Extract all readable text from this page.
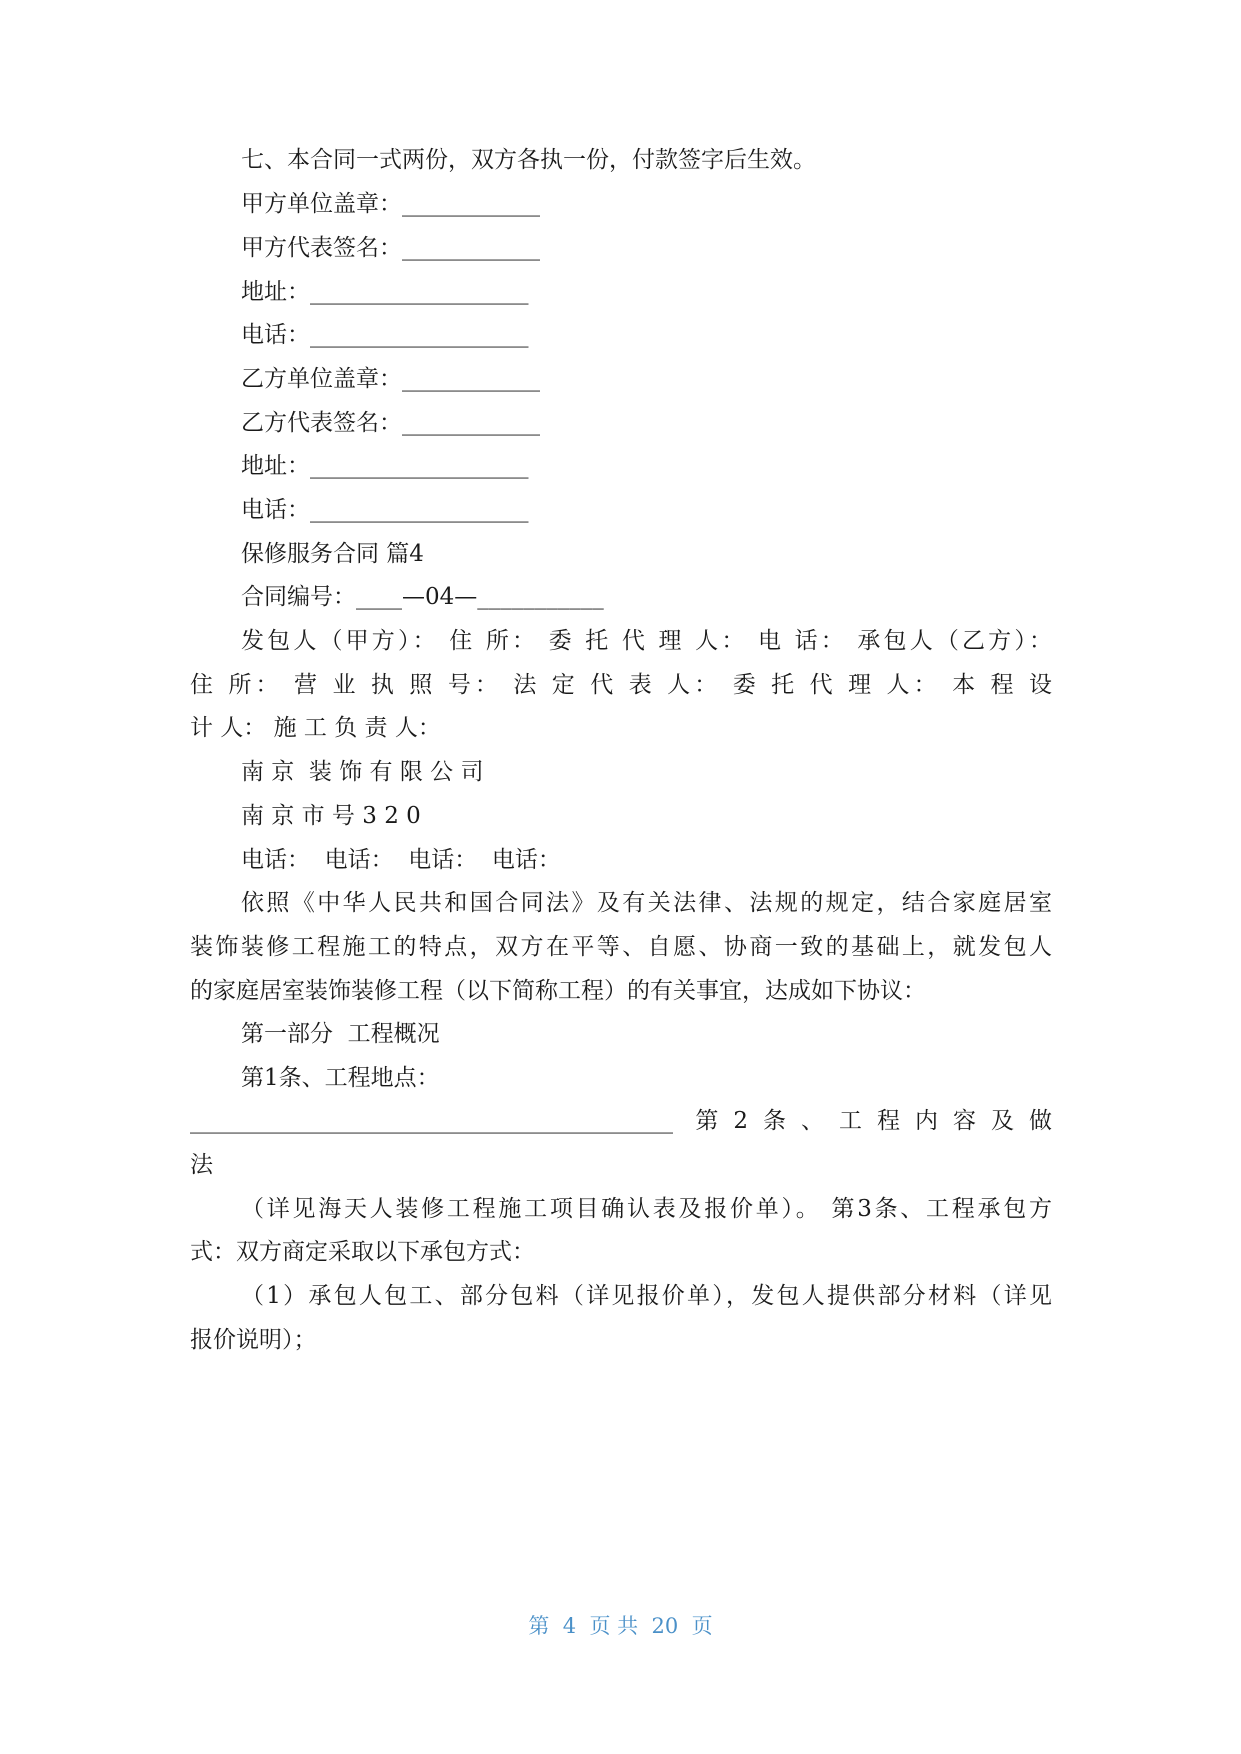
七、本合同一式两份，双方各执一份，付款签字后生效。
甲方单位盖章：____________
甲方代表签名：____________
地址：___________________
电话：___________________
乙方单位盖章：____________
乙方代表签名：____________
地址：___________________
电话：___________________
保修服务合同 篇4
合同编号：____—04—___________
发包人（甲方）： 住 所： 委 托 代 理 人： 电 话： 承包人（乙方）：
住 所： 营 业 执 照 号： 法 定 代 表 人： 委 托 代 理 人： 本 程 设
计 人： 施 工 负 责 人：
南 京  装 饰 有 限 公 司
南 京 市 号 3 2 0
电话：  电话：  电话：  电话：
依照《中华人民共和国合同法》及有关法律、法规的规定，结合家庭居室
装饰装修工程施工的特点，双方在平等、自愿、协商一致的基础上，就发包人
的家庭居室装饰装修工程（以下简称工程）的有关事宜，达成如下协议：
第一部分  工程概况
第1条、工程地点：
__________________________________________ 第2条、工程内容及做
法
（详见海天人装修工程施工项目确认表及报价单）。 第3条、工程承包方
式：双方商定采取以下承包方式：
（1）承包人包工、部分包料（详见报价单），发包人提供部分材料（详见
报价说明）；
第  4  页 共  20  页
